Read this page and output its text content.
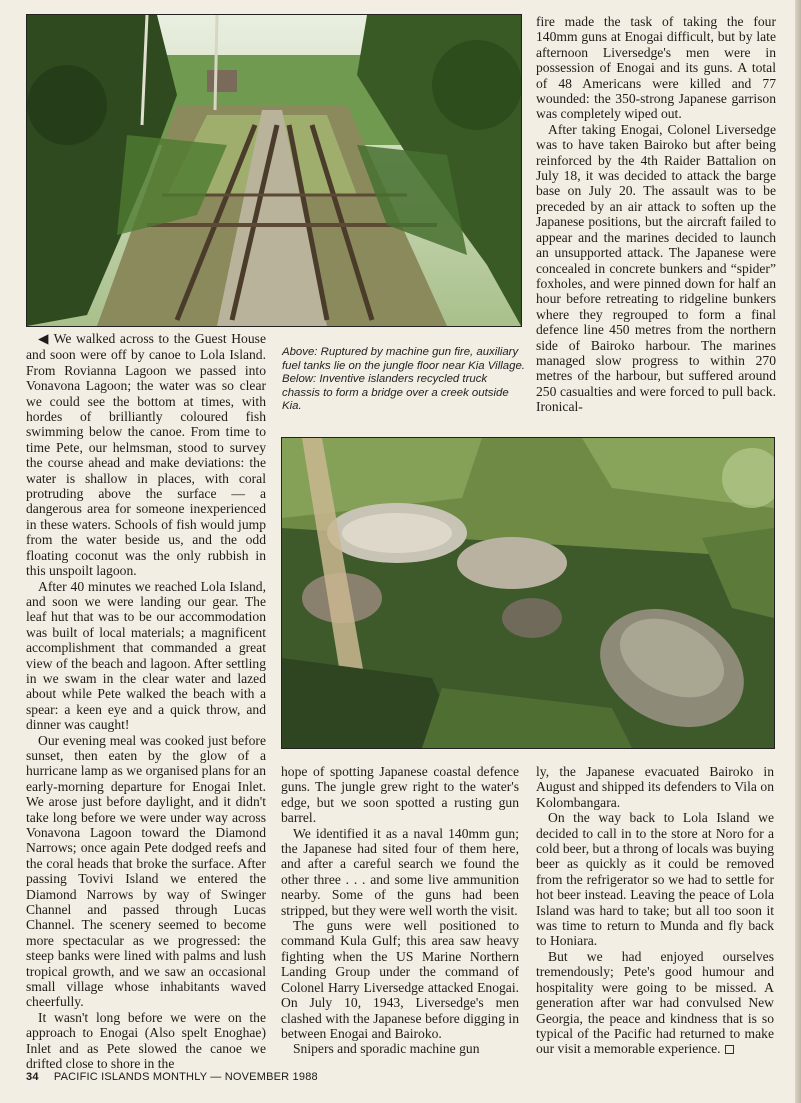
◀ We walked across to the Guest House and soon were off by canoe to Lola Island. From Rovianna Lagoon we passed into Vonavona Lagoon; the water was so clear we could see the bottom at times, with hordes of brilliantly coloured fish swimming below the canoe. From time to time Pete, our helmsman, stood to survey the course ahead and make deviations: the water is shallow in places, with coral protruding above the surface — a dangerous area for someone inexperienced in these waters. Schools of fish would jump from the water beside us, and the odd floating coconut was the only rubbish in this unspoilt lagoon.

After 40 minutes we reached Lola Island, and soon we were landing our gear. The leaf hut that was to be our accommodation was built of local materials; a magnificent accomplishment that commanded a great view of the beach and lagoon. After settling in we swam in the clear water and lazed about while Pete walked the beach with a spear: a keen eye and a quick throw, and dinner was caught!

Our evening meal was cooked just before sunset, then eaten by the glow of a hurricane lamp as we organised plans for an early-morning departure for Enogai Inlet. We arose just before daylight, and it didn't take long before we were under way across Vonavona Lagoon toward the Diamond Narrows; once again Pete dodged reefs and the coral heads that broke the surface. After passing Tovivi Island we entered the Diamond Narrows by way of Swinger Channel and passed through Lucas Channel. The scenery seemed to become more spectacular as we progressed: the steep banks were lined with palms and lush tropical growth, and we saw an occasional small village whose inhabitants waved cheerfully.

It wasn't long before we were on the approach to Enogai (Also spelt Enoghae) Inlet and as Pete slowed the canoe we drifted close to shore in the

Above: Ruptured by machine gun fire, auxiliary fuel tanks lie on the jungle floor near Kia Village. Below: Inventive islanders recycled truck chassis to form a bridge over a creek outside Kia.

fire made the task of taking the four 140mm guns at Enogai difficult, but by late afternoon Liversedge's men were in possession of Enogai and its guns. A total of 48 Americans were killed and 77 wounded: the 350-strong Japanese garrison was completely wiped out.

After taking Enogai, Colonel Liversedge was to have taken Bairoko but after being reinforced by the 4th Raider Battalion on July 18, it was decided to attack the barge base on July 20. The assault was to be preceded by an air attack to soften up the Japanese positions, but the aircraft failed to appear and the marines decided to launch an unsupported attack. The Japanese were concealed in concrete bunkers and “spider” foxholes, and were pinned down for half an hour before retreating to ridgeline bunkers where they regrouped to form a final defence line 450 metres from the northern side of Bairoko harbour. The marines managed slow progress to within 270 metres of the harbour, but suffered around 250 casualties and were forced to pull back. Ironical-

hope of spotting Japanese coastal defence guns. The jungle grew right to the water's edge, but we soon spotted a rusting gun barrel.

We identified it as a naval 140mm gun; the Japanese had sited four of them here, and after a careful search we found the other three . . . and some live ammunition nearby. Some of the guns had been stripped, but they were well worth the visit.

The guns were well positioned to command Kula Gulf; this area saw heavy fighting when the US Marine Northern Landing Group under the command of Colonel Harry Liversedge attacked Enogai. On July 10, 1943, Liversedge's men clashed with the Japanese before digging in between Enogai and Bairoko.

Snipers and sporadic machine gun

ly, the Japanese evacuated Bairoko in August and shipped its defenders to Vila on Kolombangara.

On the way back to Lola Island we decided to call in to the store at Noro for a cold beer, but a throng of locals was buying beer as quickly as it could be removed from the refrigerator so we had to settle for hot beer instead. Leaving the peace of Lola Island was hard to take; but all too soon it was time to return to Munda and fly back to Honiara.

But we had enjoyed ourselves tremendously; Pete's good humour and hospitality were going to be missed. A generation after war had convulsed New Georgia, the peace and kindness that is so typical of the Pacific had returned to make our visit a memorable experience.

34 PACIFIC ISLANDS MONTHLY — NOVEMBER 1988
